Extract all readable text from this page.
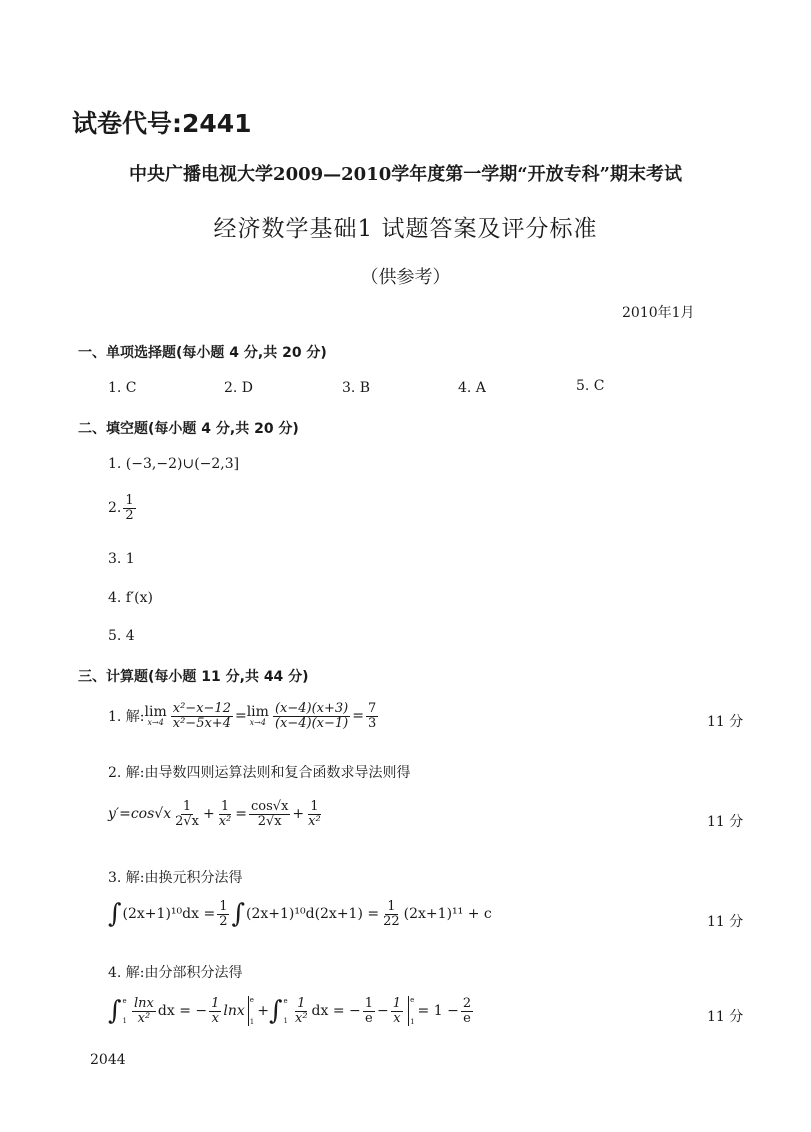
试卷代号:2441
中央广播电视大学2009—2010学年度第一学期“开放专科”期末考试
经济数学基础1 试题答案及评分标准
（供参考）
2010年1月
一、单项选择题(每小题 4 分,共 20 分)
1. C	2. D	3. B	4. A	5. C
二、填空题(每小题 4 分,共 20 分)
1. (−3,−2)∪(−2,3]
2. $\frac{1}{2}$
3. 1
4. f′(x)
5. 4
三、计算题(每小题 11 分,共 44 分)
1. 解: lim
$x\to 4 \frac{\text{x²−x−12}}{\text{x²−5x+4}} = \lim$
$x\to 4 \frac{(x-4)(x+3)}{(x-4)(x-1)} = \frac{7}{3}$	11 分
2. 解:由导数四则运算法则和复合函数求导法则得
$y'=\cos√x \frac{1}{2√x} + \frac{1}{\text{x²}} = \frac{\cos√x}{2√x} + \frac{1}{\text{x²}}$	11 分
3. 解:由换元积分法得
∫ $(2x+1)^{10}dx = \frac{1}{2}$ ∫ $(2x+1)^{10}d(2x+1) = \frac{1}{22} (2x+1)^{11} + c$	11 分
4. 解:由分部积分法得
∫ e
$1 \frac{\ln x}{\text{x²}}$ dx = − $\frac{1}{x}$ lnx
e
1
+ ∫ e
$1 \frac{1}{\text{x²}}$ dx = − $\frac{1}{e} - \frac{1}{x}$ e
1
= $1 - \frac{2}{e}$	11 分
2044
